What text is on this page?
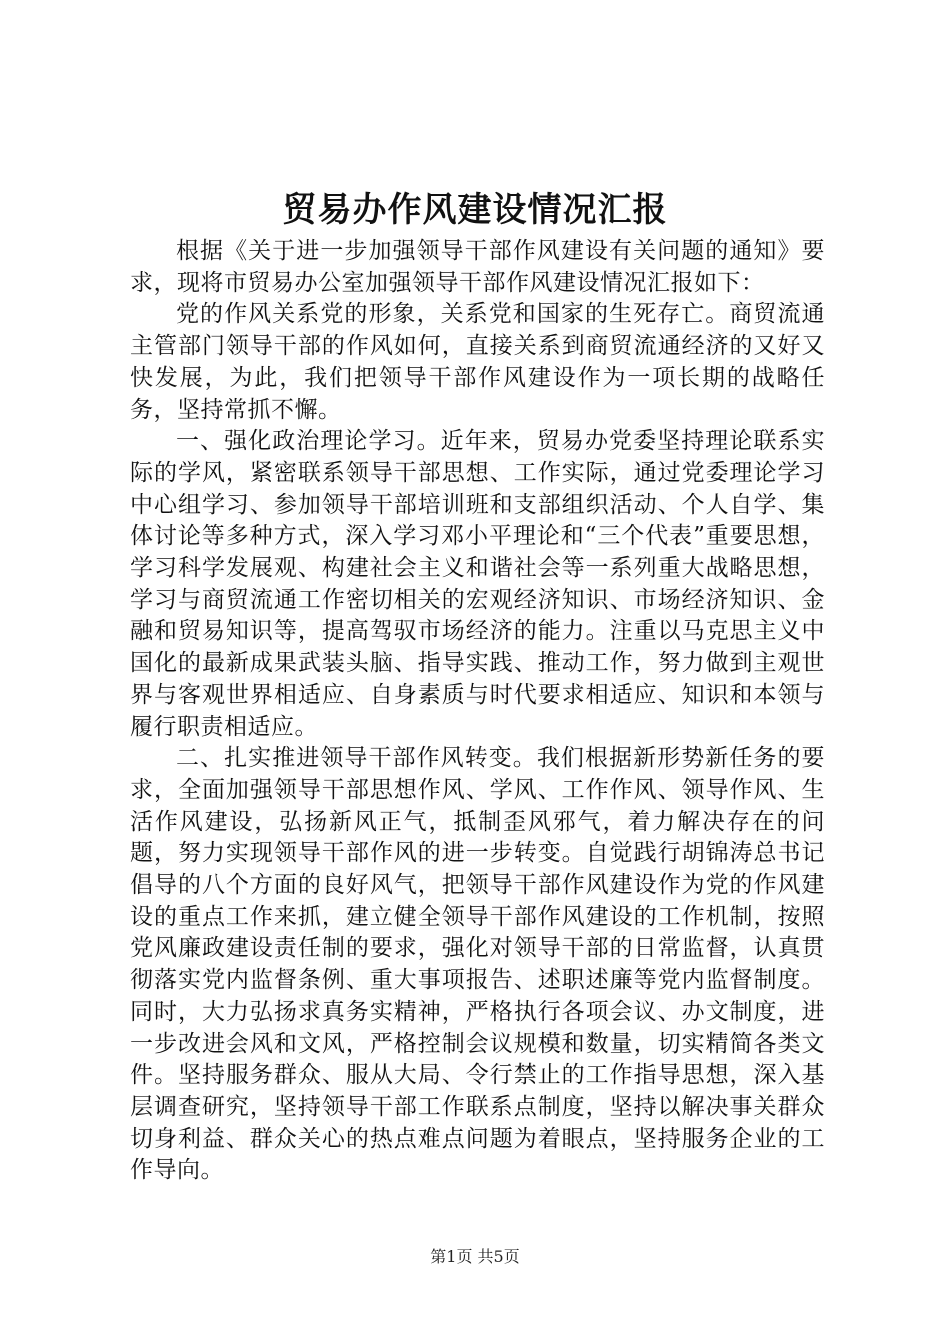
贸易办作风建设情况汇报

根据《关于进一步加强领导干部作风建设有关问题的通知》要求，现将市贸易办公室加强领导干部作风建设情况汇报如下：

党的作风关系党的形象，关系党和国家的生死存亡。商贸流通主管部门领导干部的作风如何，直接关系到商贸流通经济的又好又快发展，为此，我们把领导干部作风建设作为一项长期的战略任务，坚持常抓不懈。

一、强化政治理论学习。近年来，贸易办党委坚持理论联系实际的学风，紧密联系领导干部思想、工作实际，通过党委理论学习中心组学习、参加领导干部培训班和支部组织活动、个人自学、集体讨论等多种方式，深入学习邓小平理论和“三个代表”重要思想，学习科学发展观、构建社会主义和谐社会等一系列重大战略思想，学习与商贸流通工作密切相关的宏观经济知识、市场经济知识、金融和贸易知识等，提高驾驭市场经济的能力。注重以马克思主义中国化的最新成果武装头脑、指导实践、推动工作，努力做到主观世界与客观世界相适应、自身素质与时代要求相适应、知识和本领与履行职责相适应。

二、扎实推进领导干部作风转变。我们根据新形势新任务的要求，全面加强领导干部思想作风、学风、工作作风、领导作风、生活作风建设，弘扬新风正气，抵制歪风邪气，着力解决存在的问题，努力实现领导干部作风的进一步转变。自觉践行胡锦涛总书记倡导的八个方面的良好风气，把领导干部作风建设作为党的作风建设的重点工作来抓，建立健全领导干部作风建设的工作机制，按照党风廉政建设责任制的要求，强化对领导干部的日常监督，认真贯彻落实党内监督条例、重大事项报告、述职述廉等党内监督制度。同时，大力弘扬求真务实精神，严格执行各项会议、办文制度，进一步改进会风和文风，严格控制会议规模和数量，切实精简各类文件。坚持服务群众、服从大局、令行禁止的工作指导思想，深入基层调查研究，坚持领导干部工作联系点制度，坚持以解决事关群众切身利益、群众关心的热点难点问题为着眼点，坚持服务企业的工作导向。

第1页 共5页
